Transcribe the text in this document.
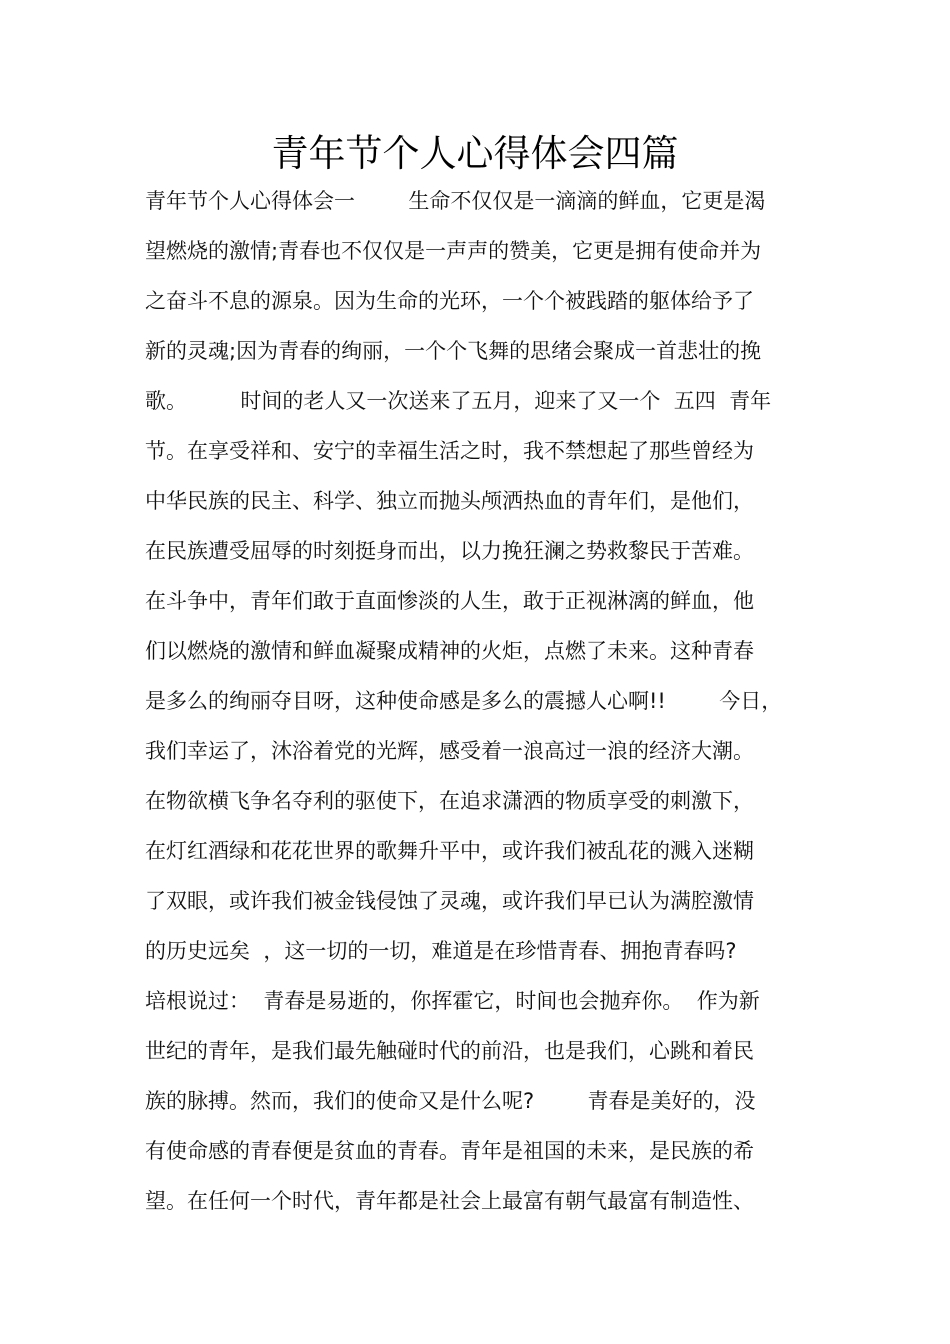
青年节个人心得体会四篇
青年节个人心得体会一        生命不仅仅是一滴滴的鲜血，它更是渴
望燃烧的激情;青春也不仅仅是一声声的赞美，它更是拥有使命并为
之奋斗不息的源泉。因为生命的光环，一个个被践踏的躯体给予了
新的灵魂;因为青春的绚丽，一个个飞舞的思绪会聚成一首悲壮的挽
歌。        时间的老人又一次送来了五月，迎来了又一个  五四  青年
节。在享受祥和、安宁的幸福生活之时，我不禁想起了那些曾经为
中华民族的民主、科学、独立而抛头颅洒热血的青年们，是他们，
在民族遭受屈辱的时刻挺身而出，以力挽狂澜之势救黎民于苦难。
在斗争中，青年们敢于直面惨淡的人生，敢于正视淋漓的鲜血，他
们以燃烧的激情和鲜血凝聚成精神的火炬，点燃了未来。这种青春
是多么的绚丽夺目呀，这种使命感是多么的震撼人心啊!!        今日，
我们幸运了，沐浴着党的光辉，感受着一浪高过一浪的经济大潮。
在物欲横飞争名夺利的驱使下，在追求潇洒的物质享受的刺激下，
在灯红酒绿和花花世界的歌舞升平中，或许我们被乱花的溅入迷糊
了双眼，或许我们被金钱侵蚀了灵魂，或许我们早已认为满腔激情
的历史远矣  ，这一切的一切，难道是在珍惜青春、拥抱青春吗?
培根说过：  青春是易逝的，你挥霍它，时间也会抛弃你。  作为新
世纪的青年，是我们最先触碰时代的前沿，也是我们，心跳和着民
族的脉搏。然而，我们的使命又是什么呢?        青春是美好的，没
有使命感的青春便是贫血的青春。青年是祖国的未来，是民族的希
望。在任何一个时代，青年都是社会上最富有朝气最富有制造性、
